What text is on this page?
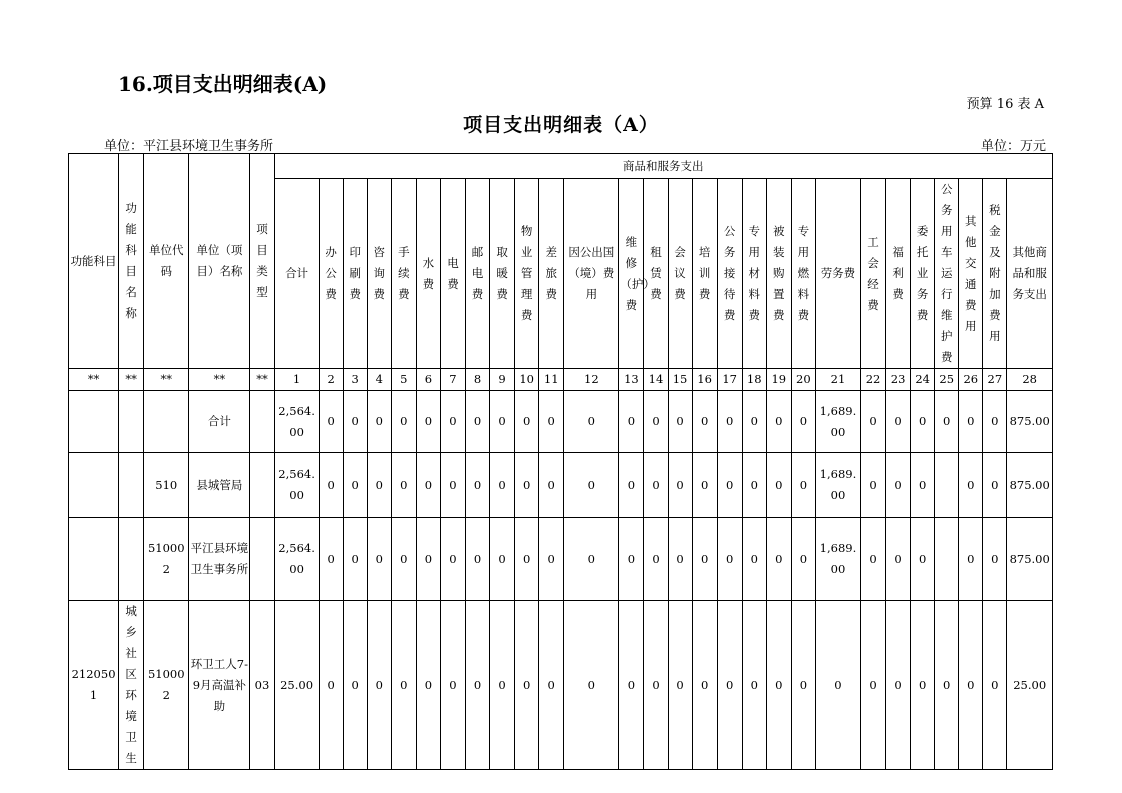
16.项目支出明细表(A)
预算 16 表 A
项目支出明细表（A）
单位：平江县环境卫生事务所	单位：万元
功能科目	功能科目名称	单位代码	单位（项目）名称	项目类型	商品和服务支出																											
					合计	办公费	印刷费	咨询费	手续费	水费	电费	邮电费	取暖费	物业管理费	差旅费	因公出国（境）费用	维修（护）费	租赁费	会议费	培训费	公务接待费	专用材料费	被装购置费	专用燃料费	劳务费	工会经费	福利费	委托业务费	公务用车运行维护费	其他交通费用	税金及附加费用	其他商品和服务支出
**	**	**	**	**	1	2	3	4	5	6	7	8	9	10	11	12	13	14	15	16	17	18	19	20	21	22	23	24	25	26	27	28
			合计		2,564.00	0	0	0	0	0	0	0	0	0	0	0	0	0	0	0	0	0	0	0	1,689.00	0	0	0	0	0	0	875.00
		510	县城管局		2,564.00	0	0	0	0	0	0	0	0	0	0	0	0	0	0	0	0	0	0	0	1,689.00	0	0	0		0	0	875.00
		510002	平江县环境卫生事务所		2,564.00	0	0	0	0	0	0	0	0	0	0	0	0	0	0	0	0	0	0	0	1,689.00	0	0	0		0	0	875.00
2120501	城乡社区环境卫生	510002	环卫工人7-9月高温补助	03	25.00	0	0	0	0	0	0	0	0	0	0	0	0	0	0	0	0	0	0	0	0	0	0	0	0	0	0	25.00
